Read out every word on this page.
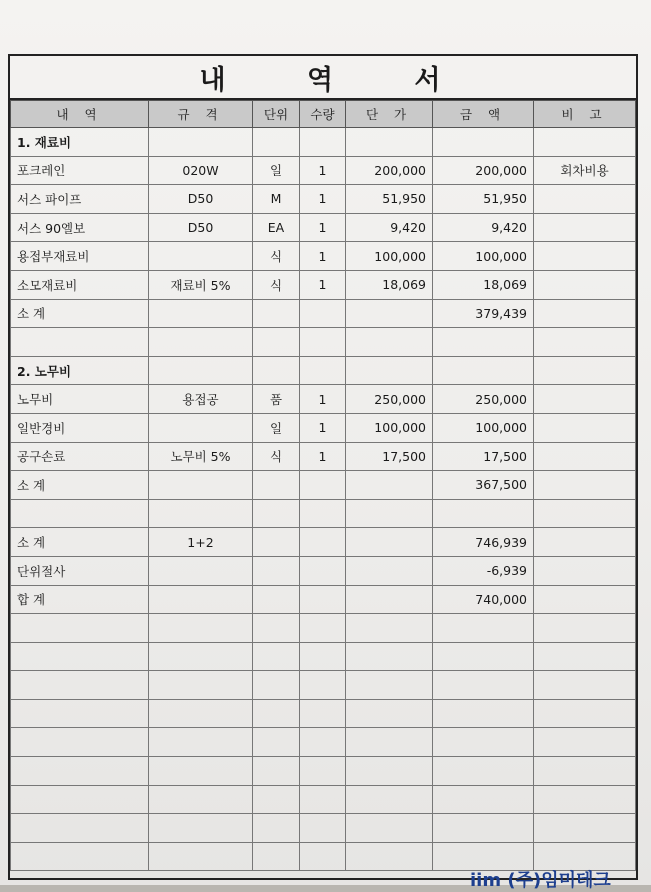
내 역 서
내 역	규 격	단위	수량	단 가	금 액	비 고
1. 재료비						
포크레인	020W	일	1	200,000	200,000	회차비용
서스 파이프	D50	M	1	51,950	51,950	
서스 90엘보	D50	EA	1	9,420	9,420	
용접부재료비		식	1	100,000	100,000	
소모재료비	재료비 5%	식	1	18,069	18,069	
소 계					379,439	

2. 노무비						
노무비	용접공	품	1	250,000	250,000	
일반경비		일	1	100,000	100,000	
공구손료	노무비 5%	식	1	17,500	17,500	
소 계					367,500	

소 계	1+2				746,939	
단위절사					-6,939	
합 계					740,000	

iim (주)임미테크
